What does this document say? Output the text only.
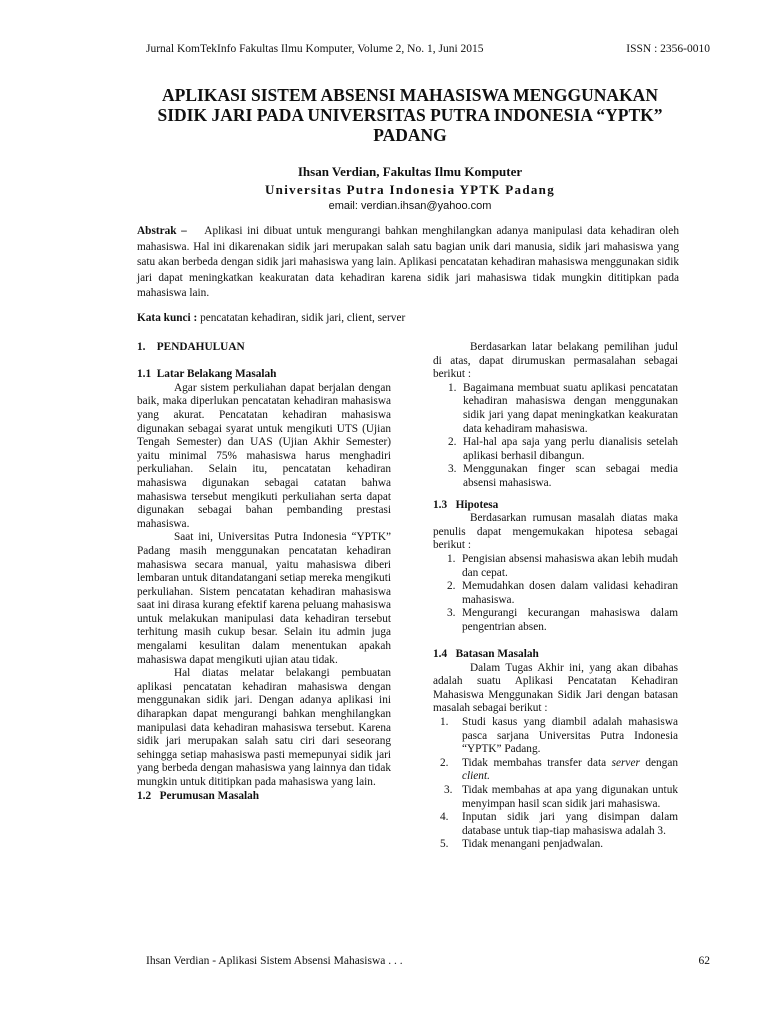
Jurnal KomTekInfo Fakultas Ilmu Komputer, Volume 2, No. 1, Juni 2015	ISSN : 2356-0010
APLIKASI SISTEM ABSENSI MAHASISWA MENGGUNAKAN
SIDIK JARI PADA UNIVERSITAS PUTRA INDONESIA “YPTK”
PADANG
Ihsan Verdian, Fakultas Ilmu Komputer
Universitas Putra Indonesia YPTK Padang
email: verdian.ihsan@yahoo.com
Abstrak – Aplikasi ini dibuat untuk mengurangi bahkan menghilangkan adanya manipulasi data kehadiran oleh mahasiswa. Hal ini dikarenakan sidik jari merupakan salah satu bagian unik dari manusia, sidik jari mahasiswa yang satu akan berbeda dengan sidik jari mahasiswa yang lain. Aplikasi pencatatan kehadiran mahasiswa menggunakan sidik jari dapat meningkatkan keakuratan data kehadiran karena sidik jari mahasiswa tidak mungkin dititipkan pada mahasiswa lain.
Kata kunci : pencatatan kehadiran, sidik jari, client, server

1.    PENDAHULUAN

1.1  Latar Belakang Masalah

Agar sistem perkuliahan dapat berjalan dengan baik, maka diperlukan pencatatan kehadiran mahasiswa yang akurat. Pencatatan kehadiran mahasiswa digunakan sebagai syarat untuk mengikuti UTS (Ujian Tengah Semester) dan UAS (Ujian Akhir Semester) yaitu minimal 75% mahasiswa harus menghadiri perkuliahan. Selain itu, pencatatan kehadiran mahasiswa digunakan sebagai catatan bahwa mahasiswa tersebut mengikuti perkuliahan serta dapat digunakan sebagai bahan pembanding prestasi mahasiswa.

Saat ini, Universitas Putra Indonesia “YPTK” Padang masih menggunakan pencatatan kehadiran mahasiswa secara manual, yaitu mahasiswa diberi lembaran untuk ditandatangani setiap mereka mengikuti perkuliahan. Sistem pencatatan kehadiran mahasiswa saat ini dirasa kurang efektif karena peluang mahasiswa untuk melakukan manipulasi data kehadiran tersebut terhitung masih cukup besar. Selain itu admin juga mengalami kesulitan dalam menentukan apakah mahasiswa dapat mengikuti ujian atau tidak.

Hal diatas melatar belakangi pembuatan aplikasi pencatatan kehadiran mahasiswa dengan menggunakan sidik jari. Dengan adanya aplikasi ini diharapkan dapat mengurangi bahkan menghilangkan manipulasi data kehadiran mahasiswa tersebut. Karena sidik jari merupakan salah satu ciri dari seseorang sehingga setiap mahasiswa pasti memepunyai sidik jari yang berbeda dengan mahasiswa yang lainnya dan tidak mungkin untuk dititipkan pada mahasiswa yang lain.

1.2   Perumusan Masalah

Berdasarkan latar belakang pemilihan judul di atas, dapat dirumuskan permasalahan sebagai berikut :

1. Bagaimana membuat suatu aplikasi pencatatan kehadiran mahasiswa dengan menggunakan sidik jari yang dapat meningkatkan keakuratan data kehadiram mahasiswa.
2. Hal-hal apa saja yang perlu dianalisis setelah aplikasi berhasil dibangun.
3. Menggunakan finger scan sebagai media absensi mahasiswa.

1.3   Hipotesa

Berdasarkan rumusan masalah diatas maka penulis dapat mengemukakan hipotesa sebagai berikut :

1. Pengisian absensi mahasiswa akan lebih mudah dan cepat.
2. Memudahkan dosen dalam validasi kehadiran mahasiswa.
3. Mengurangi kecurangan mahasiswa dalam pengentrian absen.

1.4   Batasan Masalah

Dalam Tugas Akhir ini, yang akan dibahas adalah suatu Aplikasi Pencatatan Kehadiran Mahasiswa Menggunakan Sidik Jari dengan batasan masalah sebagai berikut :

1. Studi kasus yang diambil adalah mahasiswa pasca sarjana Universitas Putra Indonesia “YPTK” Padang.
2. Tidak membahas transfer data server dengan client.
3. Tidak membahas at apa yang digunakan untuk menyimpan hasil scan sidik jari mahasiswa.
4. Inputan sidik jari yang disimpan dalam database untuk tiap-tiap mahasiswa adalah 3.
5. Tidak menangani penjadwalan.
Ihsan Verdian - Aplikasi Sistem Absensi Mahasiswa . . .	62
